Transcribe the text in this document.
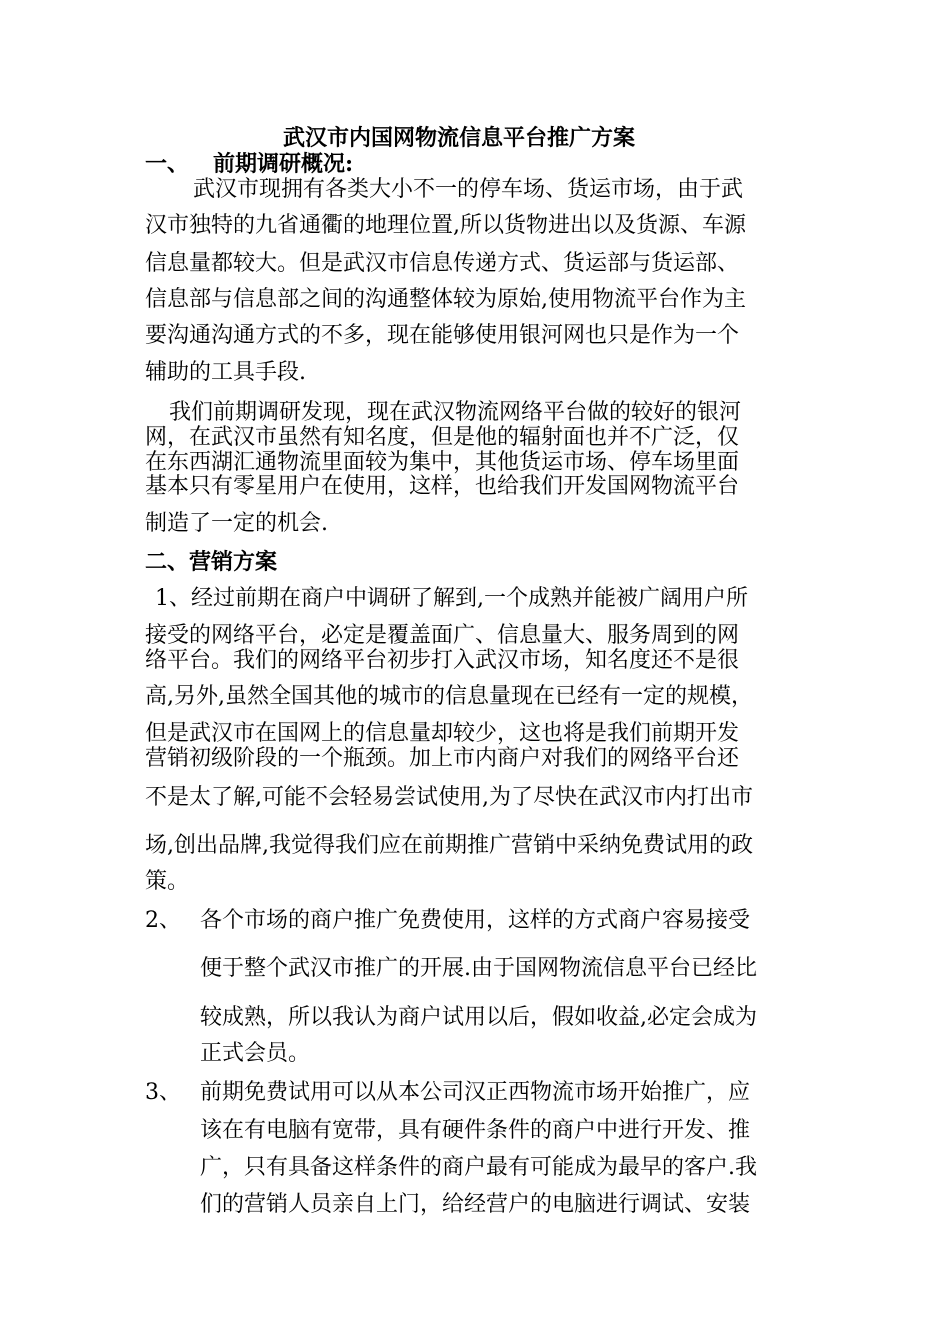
武汉市内国网物流信息平台推广方案
一、 前期调研概况:
武汉市现拥有各类大小不一的停车场、货运市场，由于武
汉市独特的九省通衢的地理位置,所以货物进出以及货源、车源
信息量都较大。但是武汉市信息传递方式、货运部与货运部、
信息部与信息部之间的沟通整体较为原始,使用物流平台作为主
要沟通沟通方式的不多，现在能够使用银河网也只是作为一个
辅助的工具手段.
我们前期调研发现，现在武汉物流网络平台做的较好的银河
网，在武汉市虽然有知名度，但是他的辐射面也并不广泛，仅
在东西湖汇通物流里面较为集中，其他货运市场、停车场里面
基本只有零星用户在使用，这样，也给我们开发国网物流平台
制造了一定的机会.
二、营销方案
1、经过前期在商户中调研了解到,一个成熟并能被广阔用户所
接受的网络平台，必定是覆盖面广、信息量大、服务周到的网
络平台。我们的网络平台初步打入武汉市场，知名度还不是很
高,另外,虽然全国其他的城市的信息量现在已经有一定的规模，
但是武汉市在国网上的信息量却较少，这也将是我们前期开发
营销初级阶段的一个瓶颈。加上市内商户对我们的网络平台还
不是太了解,可能不会轻易尝试使用,为了尽快在武汉市内打出市
场,创出品牌,我觉得我们应在前期推广营销中采纳免费试用的政
策。
2、 各个市场的商户推广免费使用，这样的方式商户容易接受
便于整个武汉市推广的开展.由于国网物流信息平台已经比
较成熟，所以我认为商户试用以后，假如收益,必定会成为
正式会员。
3、 前期免费试用可以从本公司汉正西物流市场开始推广，应
该在有电脑有宽带，具有硬件条件的商户中进行开发、推
广，只有具备这样条件的商户最有可能成为最早的客户.我
们的营销人员亲自上门，给经营户的电脑进行调试、安装
